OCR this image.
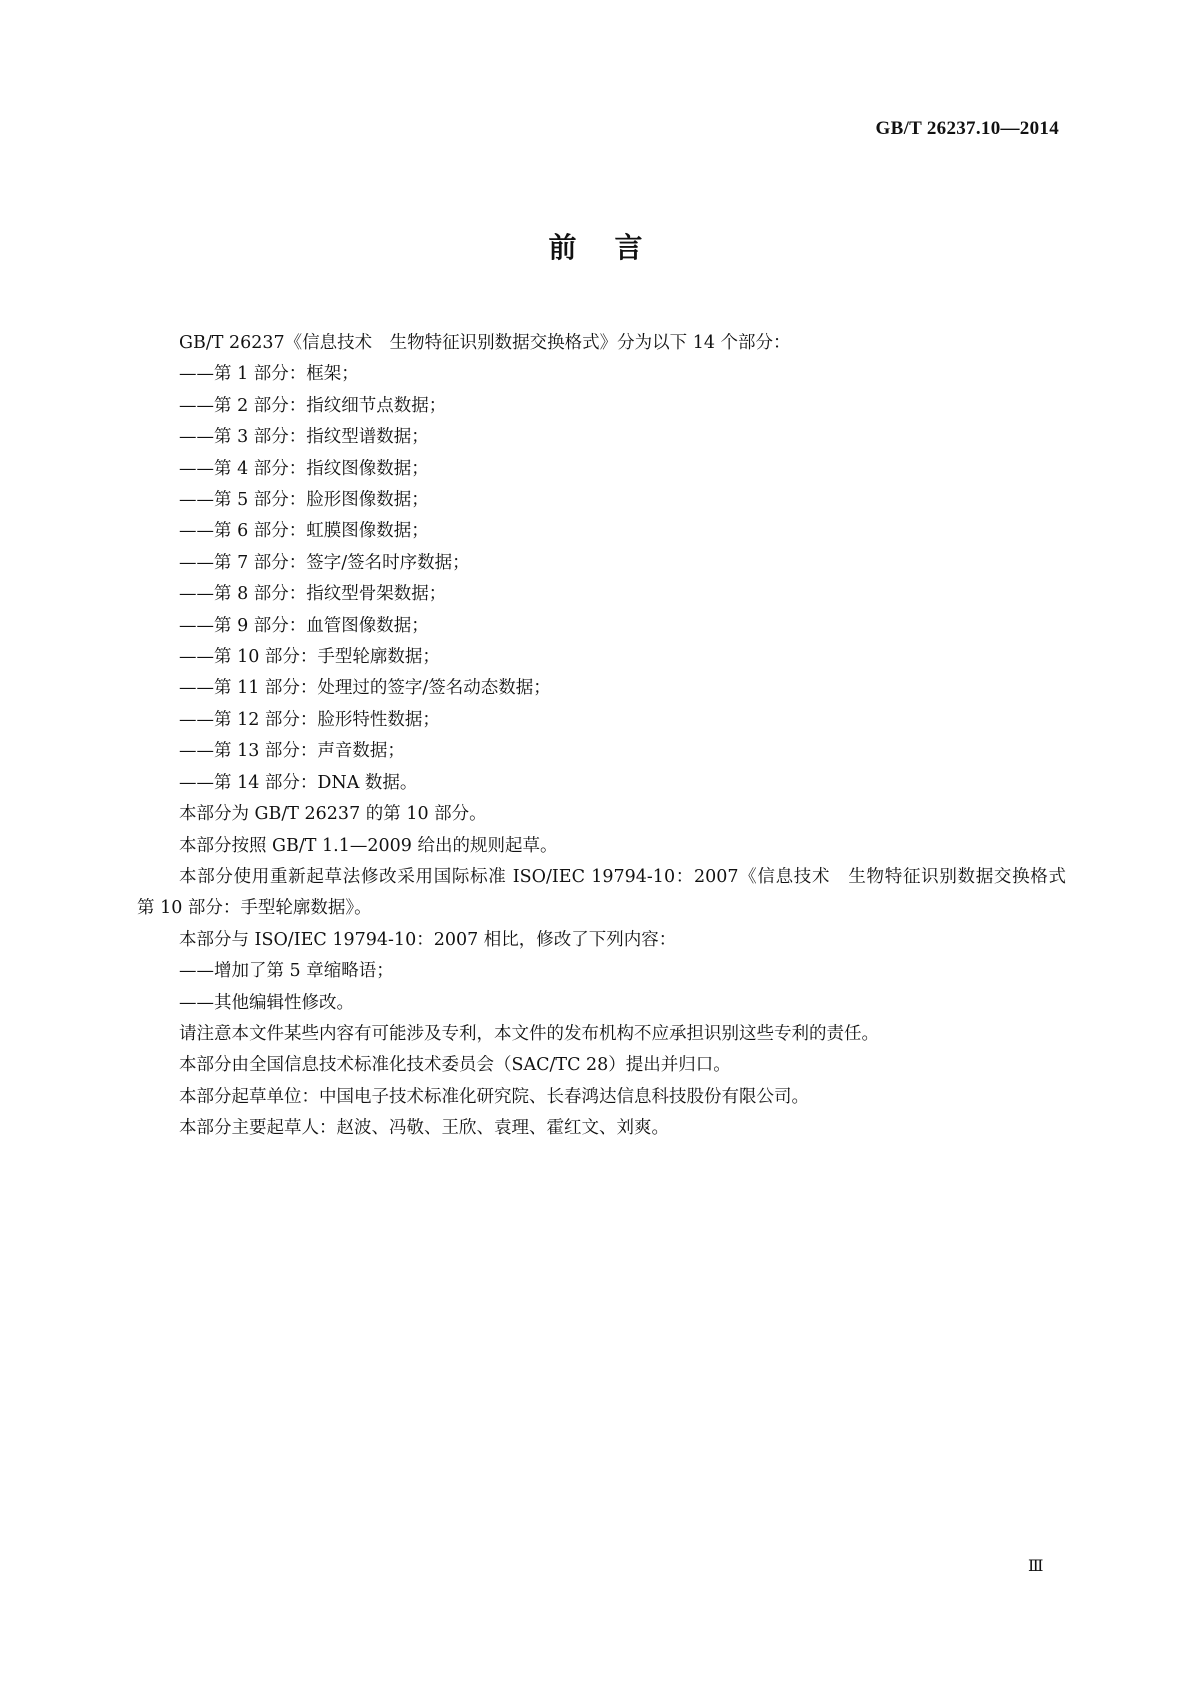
GB/T 26237.10—2014
前言

GB/T 26237《信息技术　生物特征识别数据交换格式》分为以下 14 个部分：

——第 1 部分：框架；

——第 2 部分：指纹细节点数据；

——第 3 部分：指纹型谱数据；

——第 4 部分：指纹图像数据；

——第 5 部分：脸形图像数据；

——第 6 部分：虹膜图像数据；

——第 7 部分：签字/签名时序数据；

——第 8 部分：指纹型骨架数据；

——第 9 部分：血管图像数据；

——第 10 部分：手型轮廓数据；

——第 11 部分：处理过的签字/签名动态数据；

——第 12 部分：脸形特性数据；

——第 13 部分：声音数据；

——第 14 部分：DNA 数据。

本部分为 GB/T 26237 的第 10 部分。

本部分按照 GB/T 1.1—2009 给出的规则起草。

本部分使用重新起草法修改采用国际标准 ISO/IEC 19794-10：2007《信息技术　生物特征识别数据交换格式　第 10 部分：手型轮廓数据》。

本部分与 ISO/IEC 19794-10：2007 相比，修改了下列内容：

——增加了第 5 章缩略语；

——其他编辑性修改。

请注意本文件某些内容有可能涉及专利，本文件的发布机构不应承担识别这些专利的责任。

本部分由全国信息技术标准化技术委员会（SAC/TC 28）提出并归口。

本部分起草单位：中国电子技术标准化研究院、长春鸿达信息科技股份有限公司。

本部分主要起草人：赵波、冯敬、王欣、袁理、霍红文、刘爽。

Ⅲ
